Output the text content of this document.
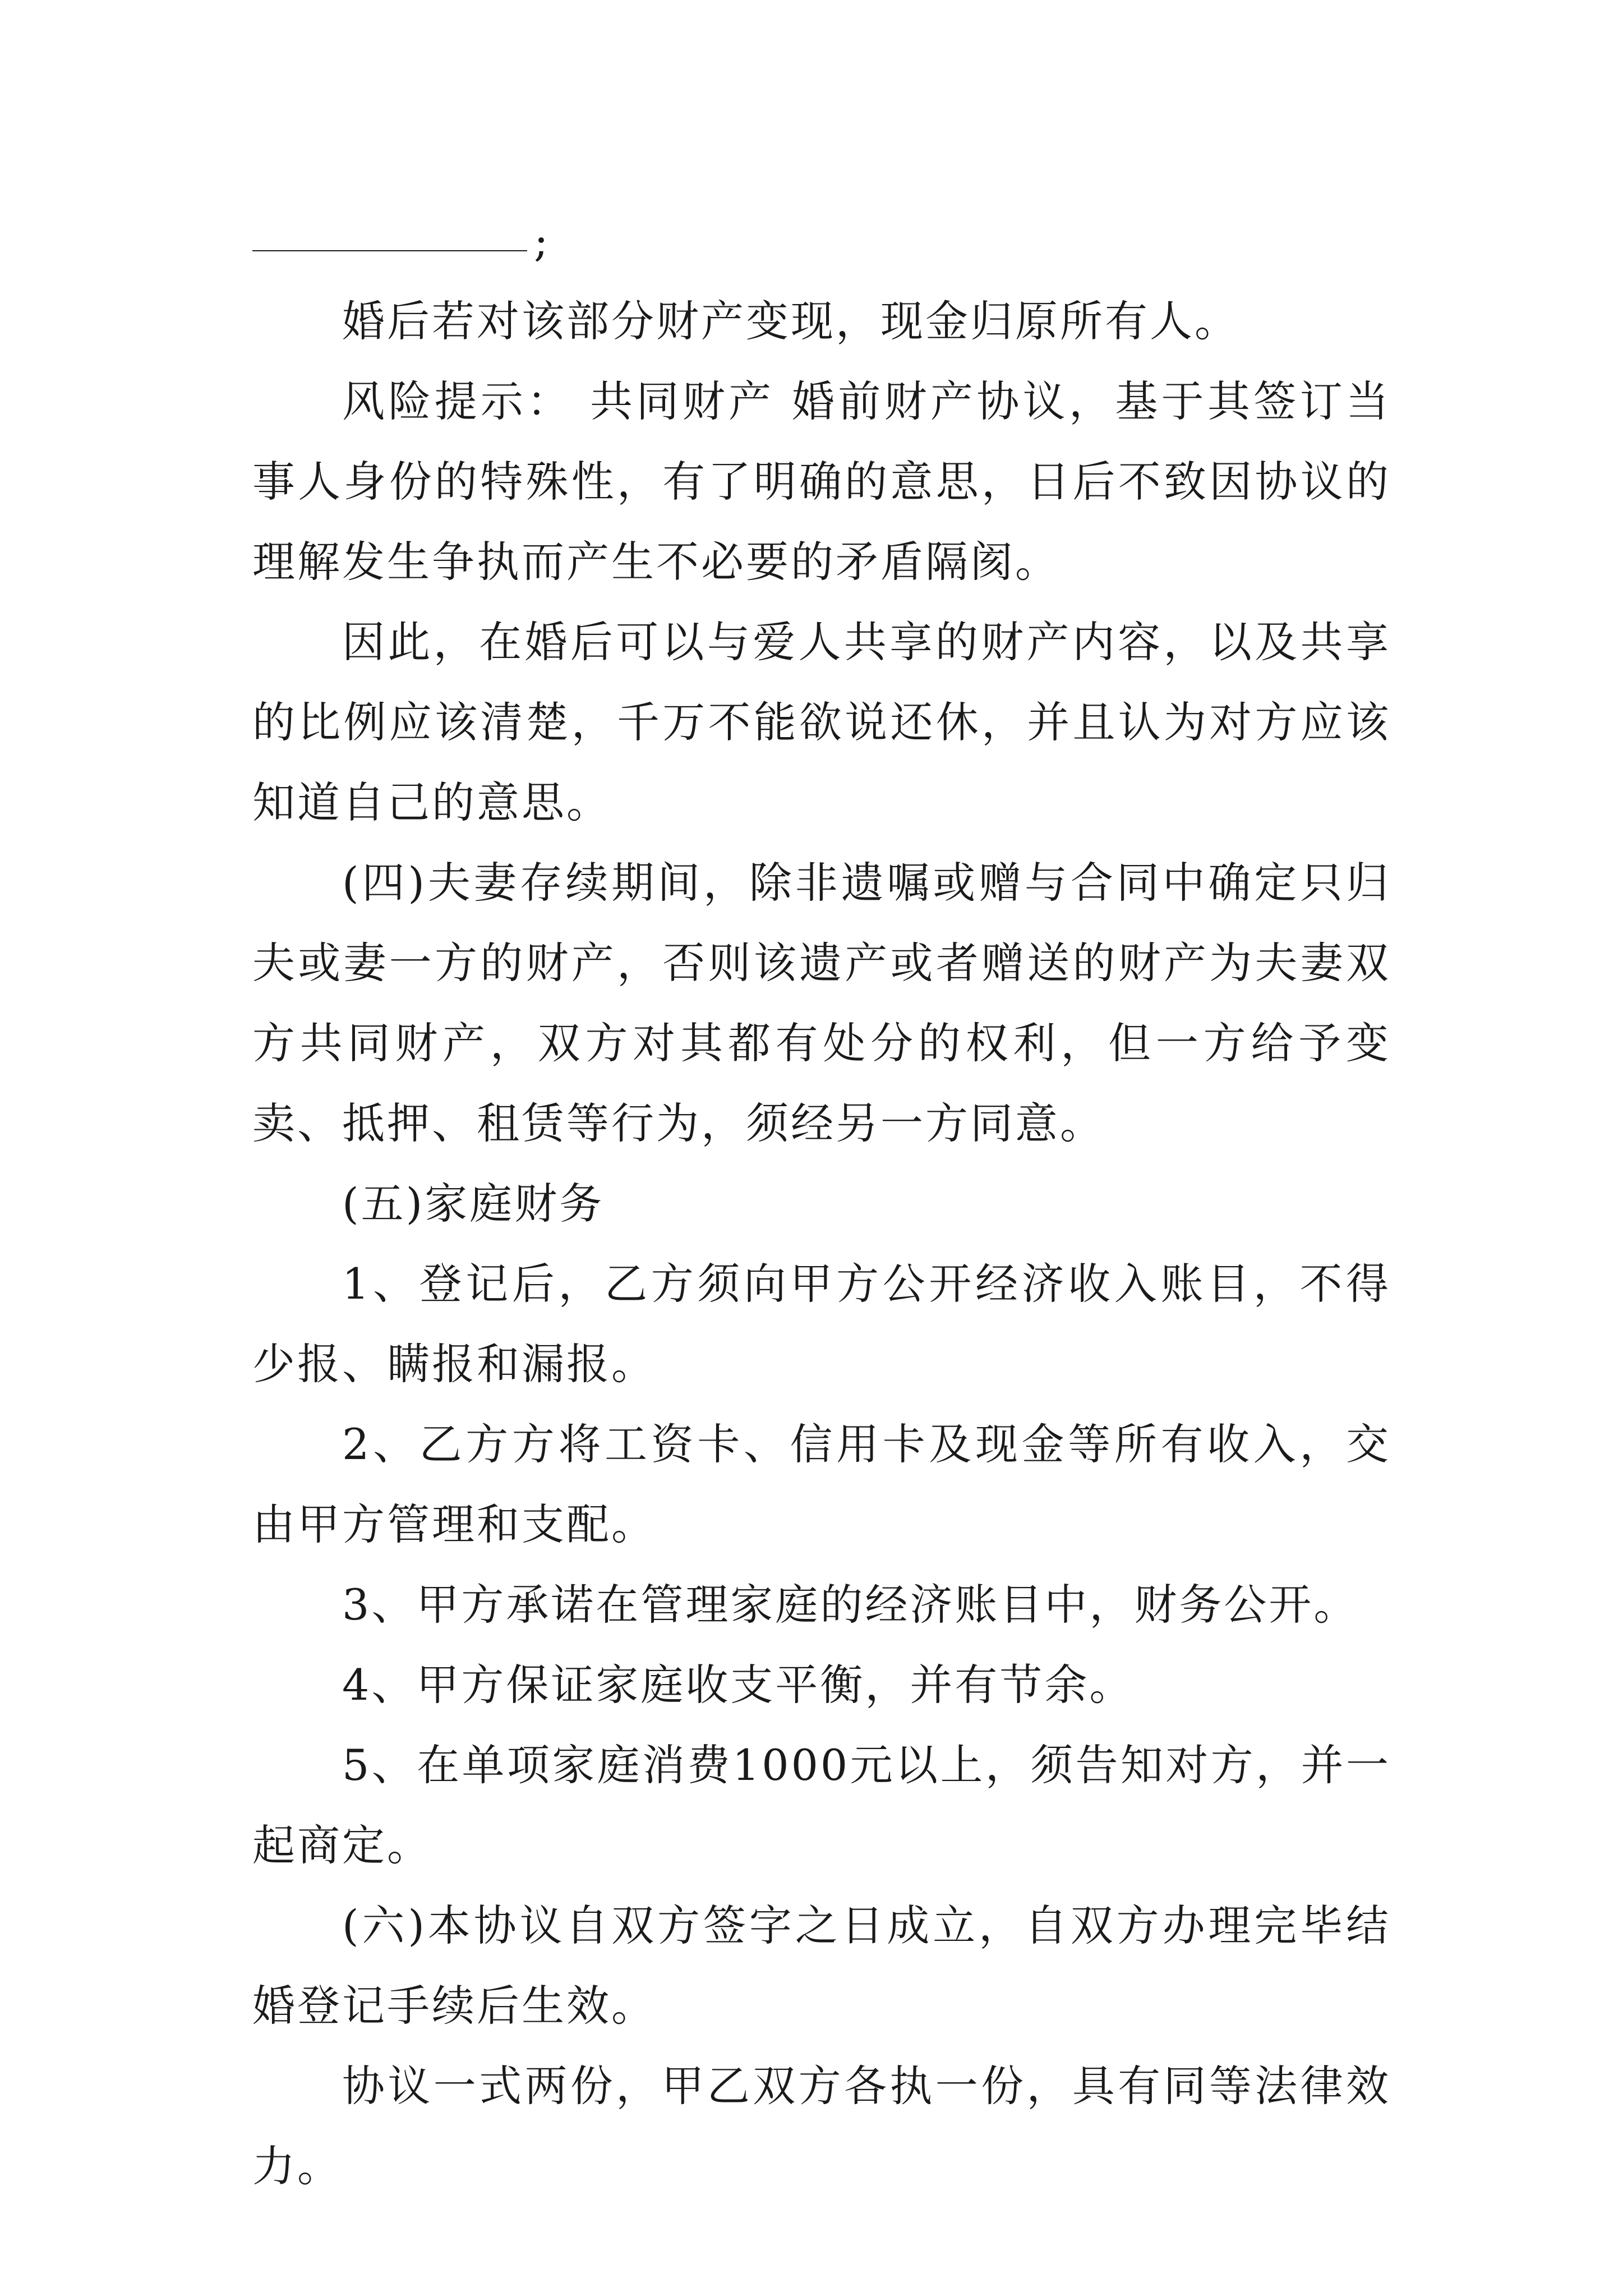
;

婚后若对该部分财产变现，现金归原所有人。

风险提示： 共同财产 婚前财产协议，基于其签订当事人身份的特殊性，有了明确的意思，日后不致因协议的理解发生争执而产生不必要的矛盾隔阂。

因此，在婚后可以与爱人共享的财产内容，以及共享的比例应该清楚，千万不能欲说还休，并且认为对方应该知道自己的意思。

(四)夫妻存续期间，除非遗嘱或赠与合同中确定只归夫或妻一方的财产，否则该遗产或者赠送的财产为夫妻双方共同财产，双方对其都有处分的权利，但一方给予变卖、抵押、租赁等行为，须经另一方同意。

(五)家庭财务

1、登记后，乙方须向甲方公开经济收入账目，不得少报、瞒报和漏报。

2、乙方方将工资卡、信用卡及现金等所有收入，交由甲方管理和支配。

3、甲方承诺在管理家庭的经济账目中，财务公开。

4、甲方保证家庭收支平衡，并有节余。

5、在单项家庭消费1000元以上，须告知对方，并一起商定。

(六)本协议自双方签字之日成立，自双方办理完毕结婚登记手续后生效。

协议一式两份，甲乙双方各执一份，具有同等法律效力。
